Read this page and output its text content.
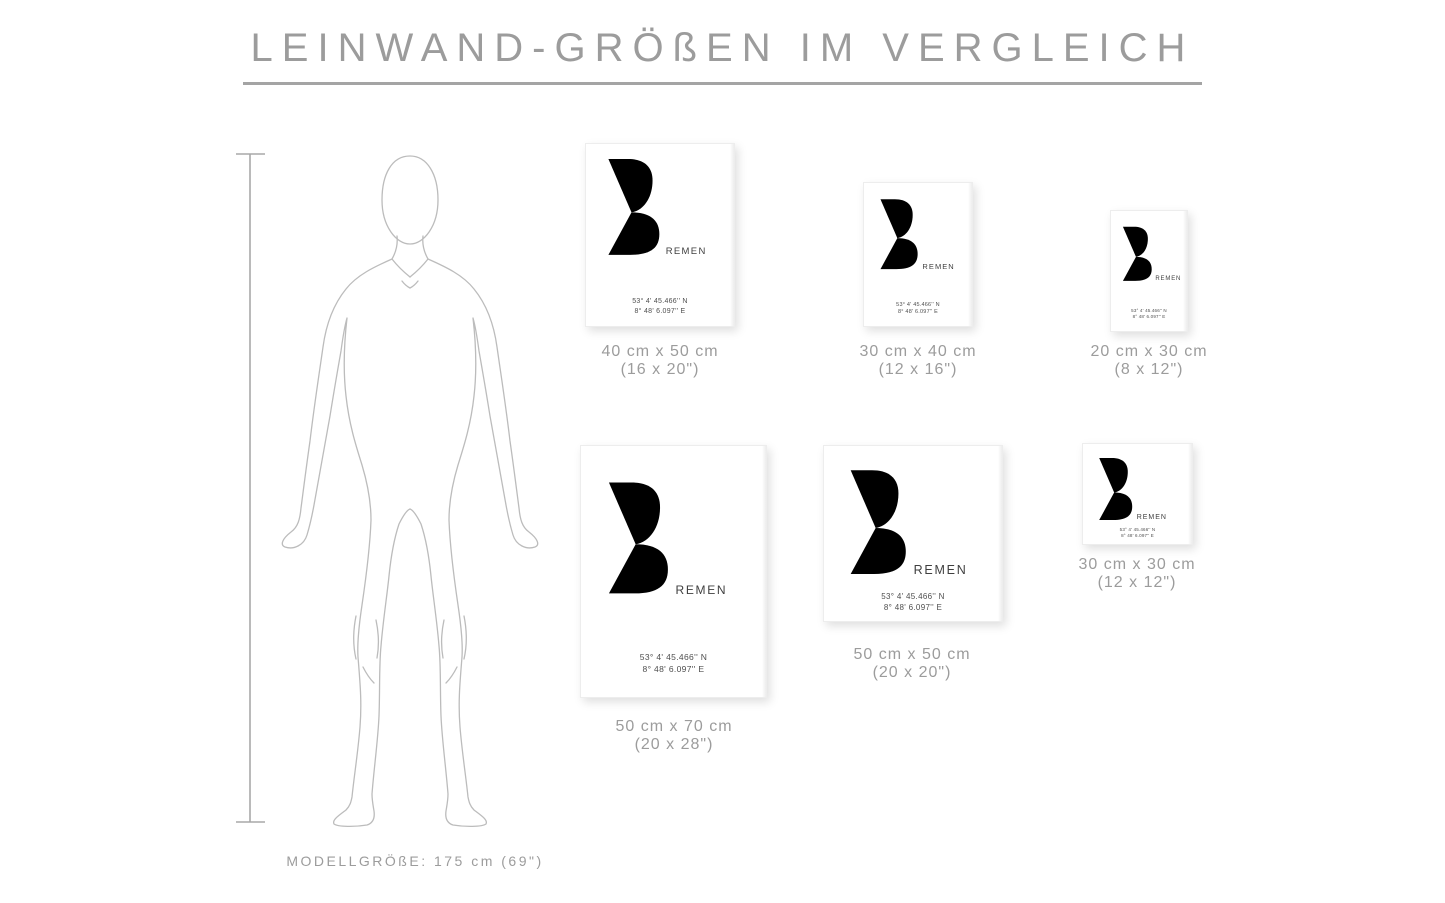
LEINWAND-GRÖßEN IM VERGLEICH
MODELLGRÖßE: 175 cm (69")
REMEN
53° 4' 45.466'' N
8° 48' 6.097'' E
40 cm x 50 cm
(16 x 20")
REMEN
53° 4' 45.466'' N
8° 48' 6.097'' E
30 cm x 40 cm
(12 x 16")
REMEN
53° 4' 45.466'' N
8° 48' 6.097'' E
20 cm x 30 cm
(8 x 12")
REMEN
53° 4' 45.466'' N
8° 48' 6.097'' E
50 cm x 70 cm
(20 x 28")
REMEN
53° 4' 45.466'' N
8° 48' 6.097'' E
50 cm x 50 cm
(20 x 20")
REMEN
53° 4' 45.466'' N
8° 48' 6.097'' E
30 cm x 30 cm
(12 x 12")
